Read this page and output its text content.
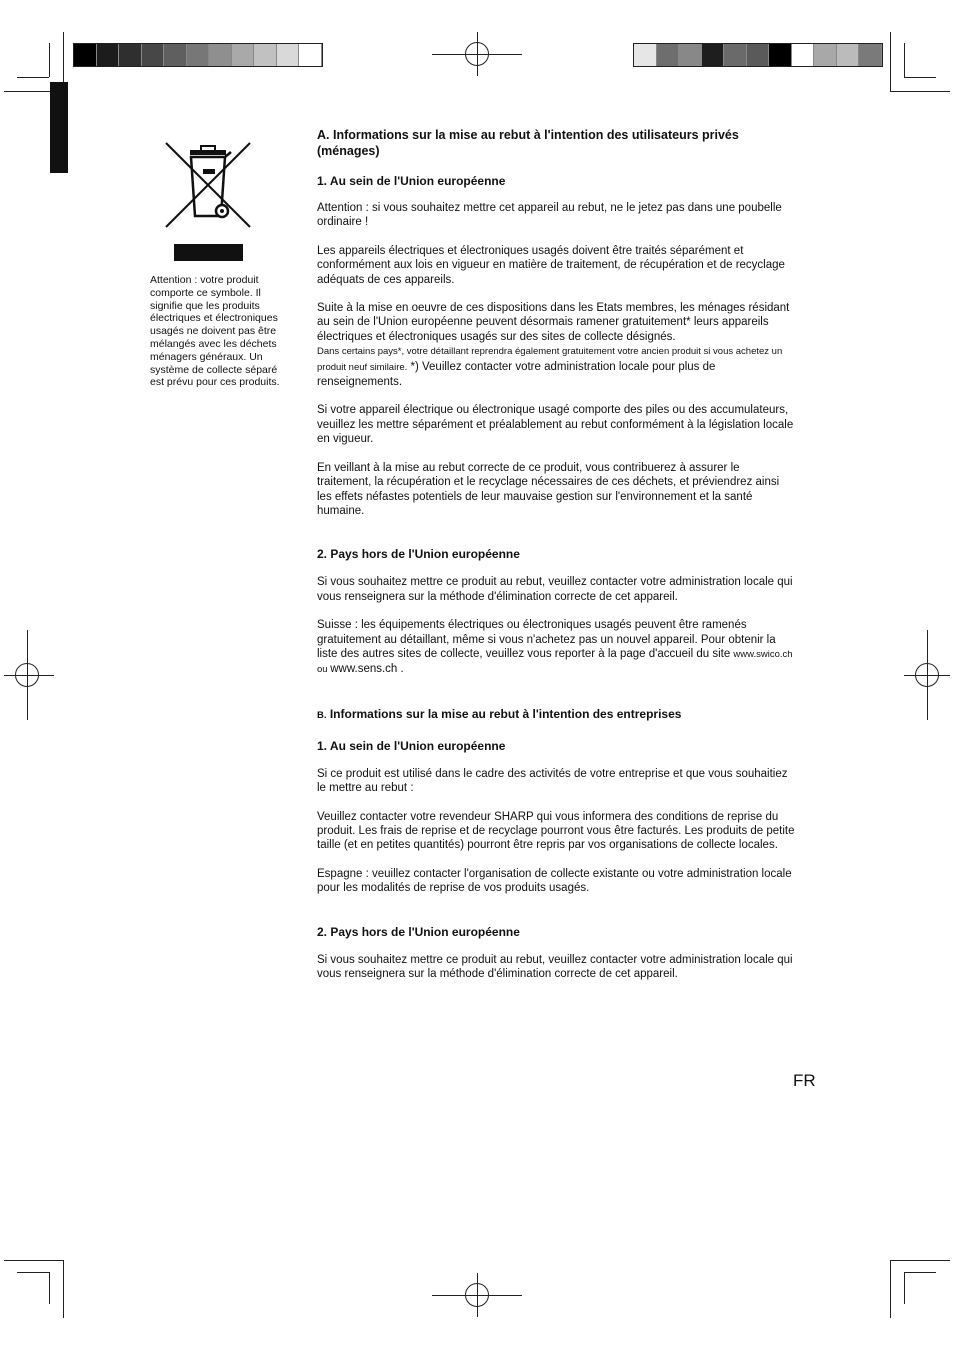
Attention : votre produit comporte ce symbole. Il signifie que les produits électriques et électroniques usagés ne doivent pas être mélangés avec les déchets ménagers généraux. Un système de collecte séparé est prévu pour ces produits.
A. Informations sur la mise au rebut à l'intention des utilisateurs privés (ménages)
1. Au sein de l'Union européenne

Attention : si vous souhaitez mettre cet appareil au rebut, ne le jetez pas dans une poubelle ordinaire !

Les appareils électriques et électroniques usagés doivent être traités séparément et conformément aux lois en vigueur en matière de traitement, de récupération et de recyclage adéquats de ces appareils.

Suite à la mise en oeuvre de ces dispositions dans les Etats membres, les ménages résidant au sein de l'Union européenne peuvent désormais ramener gratuitement* leurs appareils électriques et électroniques usagés sur des sites de collecte désignés.
Dans certains pays*, votre détaillant reprendra également gratuitement votre ancien produit si vous achetez un produit neuf similaire. *) Veuillez contacter votre administration locale pour plus de renseignements.

Si votre appareil électrique ou électronique usagé comporte des piles ou des accumulateurs, veuillez les mettre séparément et préalablement au rebut conformément à la législation locale en vigueur.

En veillant à la mise au rebut correcte de ce produit, vous contribuerez à assurer le traitement, la récupération et le recyclage nécessaires de ces déchets, et préviendrez ainsi les effets néfastes potentiels de leur mauvaise gestion sur l'environnement et la santé humaine.

2. Pays hors de l'Union européenne

Si vous souhaitez mettre ce produit au rebut, veuillez contacter votre administration locale qui vous renseignera sur la méthode d'élimination correcte de cet appareil.

Suisse : les équipements électriques ou électroniques usagés peuvent être ramenés gratuitement au détaillant, même si vous n'achetez pas un nouvel appareil. Pour obtenir la liste des autres sites de collecte, veuillez vous reporter à la page d'accueil du site www.swico.ch ou www.sens.ch .

B. Informations sur la mise au rebut à l'intention des entreprises
1. Au sein de l'Union européenne

Si ce produit est utilisé dans le cadre des activités de votre entreprise et que vous souhaitiez le mettre au rebut :

Veuillez contacter votre revendeur SHARP qui vous informera des conditions de reprise du produit. Les frais de reprise et de recyclage pourront vous être facturés. Les produits de petite taille (et en petites quantités) pourront être repris par vos organisations de collecte locales.

Espagne : veuillez contacter l'organisation de collecte existante ou votre administration locale pour les modalités de reprise de vos produits usagés.

2. Pays hors de l'Union européenne

Si vous souhaitez mettre ce produit au rebut, veuillez contacter votre administration locale qui vous renseignera sur la méthode d'élimination correcte de cet appareil.

FR
